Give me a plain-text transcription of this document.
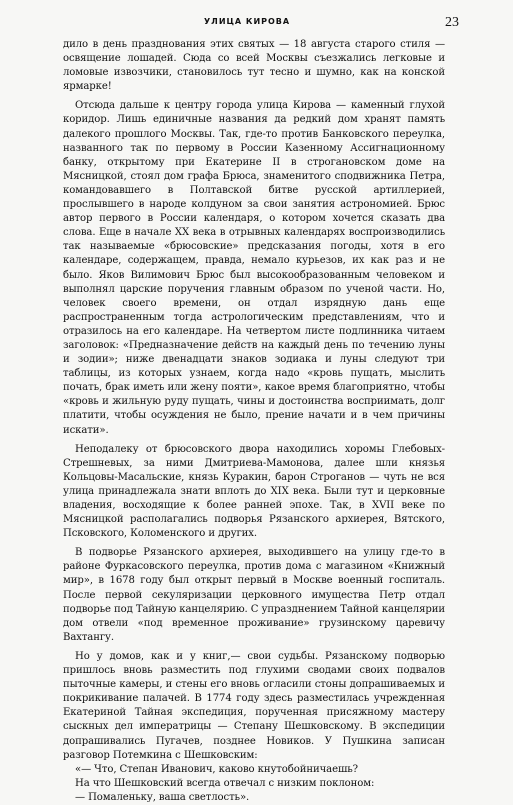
УЛИЦА КИРОВА	23

дило в день празднования этих святых — 18 августа старого стиля — освящение лошадей. Сюда со всей Москвы съезжались легковые и ломовые извозчики, становилось тут тесно и шумно, как на конской ярмарке!

Отсюда дальше к центру города улица Кирова — каменный глухой коридор. Лишь единичные названия да редкий дом хранят память далекого прошлого Москвы. Так, где-то против Банковского переулка, названного так по первому в России Казенному Ассигнационному банку, открытому при Екатерине II в строгановском доме на Мясницкой, стоял дом графа Брюса, знаменитого сподвижника Петра, командовавшего в Полтавской битве русской артиллерией, прослывшего в народе колдуном за свои занятия астрономией. Брюс автор первого в России календаря, о котором хочется сказать два слова. Еще в начале XX века в отрывных календарях воспроизводились так называемые «брюсовские» предсказания погоды, хотя в его календаре, содержащем, правда, немало курьезов, их как раз и не было. Яков Вилимович Брюс был высокообразованным человеком и выполнял царские поручения главным образом по ученой части. Но, человек своего времени, он отдал изрядную дань еще распространенным тогда астрологическим представлениям, что и отразилось на его календаре. На четвертом листе подлинника читаем заголовок: «Предназначение действ на каждый день по течению луны и зодии»; ниже двенадцати знаков зодиака и луны следуют три таблицы, из которых узнаем, когда надо «кровь пущать, мыслить почать, брак иметь или жену пояти», какое время благоприятно, чтобы «кровь и жильную руду пущать, чины и достоинства восприимать, долг платити, чтобы осуждения не было, прение начати и в чем причины искати».

Неподалеку от брюсовского двора находились хоромы Глебовых-Стрешневых, за ними Дмитриева-Мамонова, далее шли князья Кольцовы-Масальские, князь Куракин, барон Строганов — чуть не вся улица принадлежала знати вплоть до XIX века. Были тут и церковные владения, восходящие к более ранней эпохе. Так, в XVII веке по Мясницкой располагались подворья Рязанского архиерея, Вятского, Псковского, Коломенского и других.

В подворье Рязанского архиерея, выходившего на улицу где-то в районе Фуркасовского переулка, против дома с магазином «Книжный мир», в 1678 году был открыт первый в Москве военный госпиталь. После первой секуляризации церковного имущества Петр отдал подворье под Тайную канцелярию. С упразднением Тайной канцелярии дом отвели «под временное проживание» грузинскому царевичу Вахтангу.

Но у домов, как и у книг,— свои судьбы. Рязанскому подворью пришлось вновь разместить под глухими сводами своих подвалов пыточные камеры, и стены его вновь огласили стоны допрашиваемых и покрикивание палачей. В 1774 году здесь разместилась учрежденная Екатериной Тайная экспедиция, порученная присяжному мастеру сыскных дел императрицы — Степану Шешковскому. В экспедиции допрашивались Пугачев, позднее Новиков. У Пушкина записан разговор Потемкина с Шешковским:

«— Что, Степан Иванович, каково кнутобойничаешь?

На что Шешковский всегда отвечал с низким поклоном:

— Помаленьку, ваша светлость».
